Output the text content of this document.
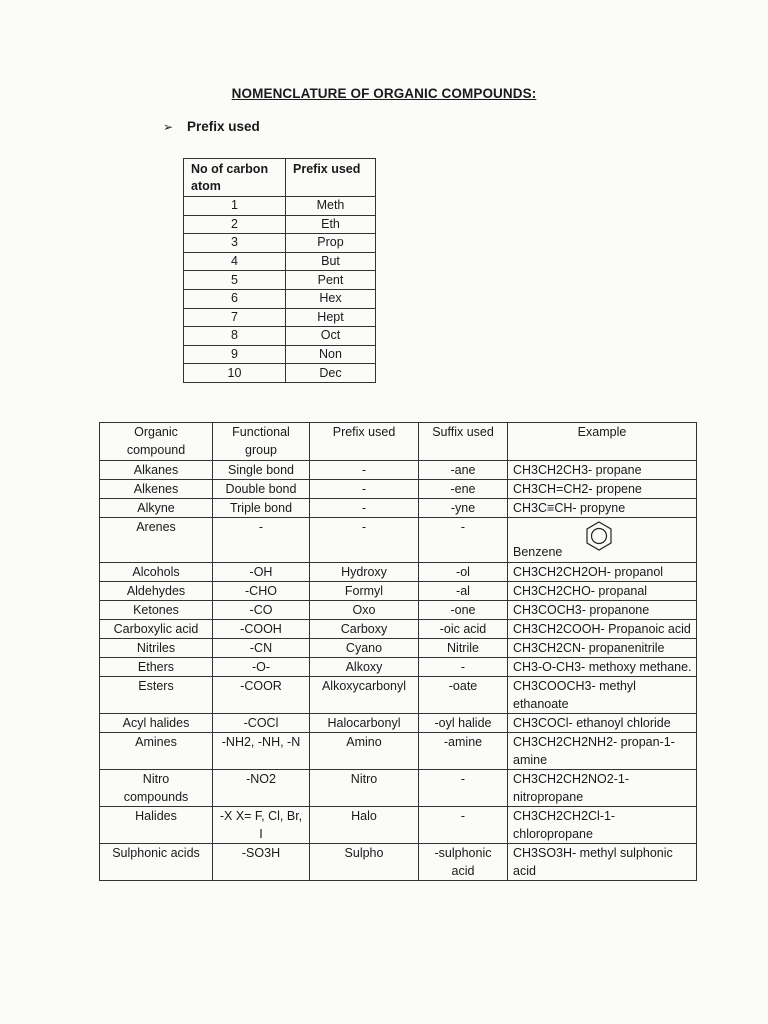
NOMENCLATURE OF ORGANIC COMPOUNDS:
➢ Prefix used
No of carbon atom	Prefix used
1	Meth
2	Eth
3	Prop
4	But
5	Pent
6	Hex
7	Hept
8	Oct
9	Non
10	Dec
Organic compound	Functional group	Prefix used	Suffix used	Example
Alkanes	Single bond	-	-ane	CH3CH2CH3- propane
Alkenes	Double bond	-	-ene	CH3CH=CH2- propene
Alkyne	Triple bond	-	-yne	CH3C≡CH- propyne
Arenes	-	-	-	Benzene

Alcohols	-OH	Hydroxy	-ol	CH3CH2CH2OH- propanol
Aldehydes	-CHO	Formyl	-al	CH3CH2CHO- propanal
Ketones	-CO	Oxo	-one	CH3COCH3- propanone
Carboxylic acid	-COOH	Carboxy	-oic acid	CH3CH2COOH- Propanoic acid
Nitriles	-CN	Cyano	Nitrile	CH3CH2CN- propanenitrile
Ethers	-O-	Alkoxy	-	CH3-O-CH3- methoxy methane.
Esters	-COOR	Alkoxycarbonyl	-oate	CH3COOCH3- methyl ethanoate
Acyl halides	-COCl	Halocarbonyl	-oyl halide	CH3COCl- ethanoyl chloride
Amines	-NH2, -NH, -N	Amino	-amine	CH3CH2CH2NH2- propan-1-amine
Nitro compounds	-NO2	Nitro	-	CH3CH2CH2NO2-1-nitropropane
Halides	-X X= F, Cl, Br, I	Halo	-	CH3CH2CH2Cl-1-chloropropane
Sulphonic acids	-SO3H	Sulpho	-sulphonic acid	CH3SO3H- methyl sulphonic acid
